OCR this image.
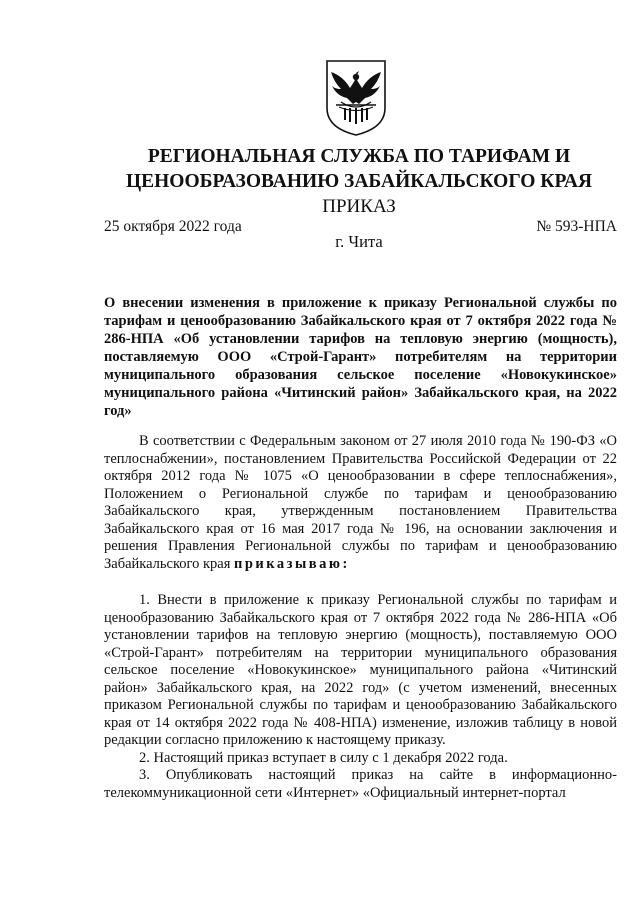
РЕГИОНАЛЬНАЯ СЛУЖБА ПО ТАРИФАМ И
ЦЕНООБРАЗОВАНИЮ ЗАБАЙКАЛЬСКОГО КРАЯ
ПРИКАЗ
25 октября 2022 года	№ 593-НПА
г. Чита
О внесении изменения в приложение к приказу Региональной службы по тарифам и ценообразованию Забайкальского края от 7 октября 2022 года № 286-НПА «Об установлении тарифов на тепловую энергию (мощность), поставляемую ООО «Строй-Гарант» потребителям на территории муниципального образования сельское поселение «Новокукинское» муниципального района «Читинский район» Забайкальского края, на 2022 год»

В соответствии с Федеральным законом от 27 июля 2010 года № 190-ФЗ «О теплоснабжении», постановлением Правительства Российской Федерации от 22 октября 2012 года № 1075 «О ценообразовании в сфере теплоснабжения», Положением о Региональной службе по тарифам и ценообразованию Забайкальского края, утвержденным постановлением Правительства Забайкальского края от 16 мая 2017 года № 196, на основании заключения и решения Правления Региональной службы по тарифам и ценообразованию Забайкальского края приказываю:

1. Внести в приложение к приказу Региональной службы по тарифам и ценообразованию Забайкальского края от 7 октября 2022 года № 286-НПА «Об установлении тарифов на тепловую энергию (мощность), поставляемую ООО «Строй-Гарант» потребителям на территории муниципального образования сельское поселение «Новокукинское» муниципального района «Читинский район» Забайкальского края, на 2022 год» (с учетом изменений, внесенных приказом Региональной службы по тарифам и ценообразованию Забайкальского края от 14 октября 2022 года № 408-НПА) изменение, изложив таблицу в новой редакции согласно приложению к настоящему приказу.

2. Настоящий приказ вступает в силу с 1 декабря 2022 года.

3. Опубликовать настоящий приказ на сайте в информационно-телекоммуникационной сети «Интернет» «Официальный интернет-портал
